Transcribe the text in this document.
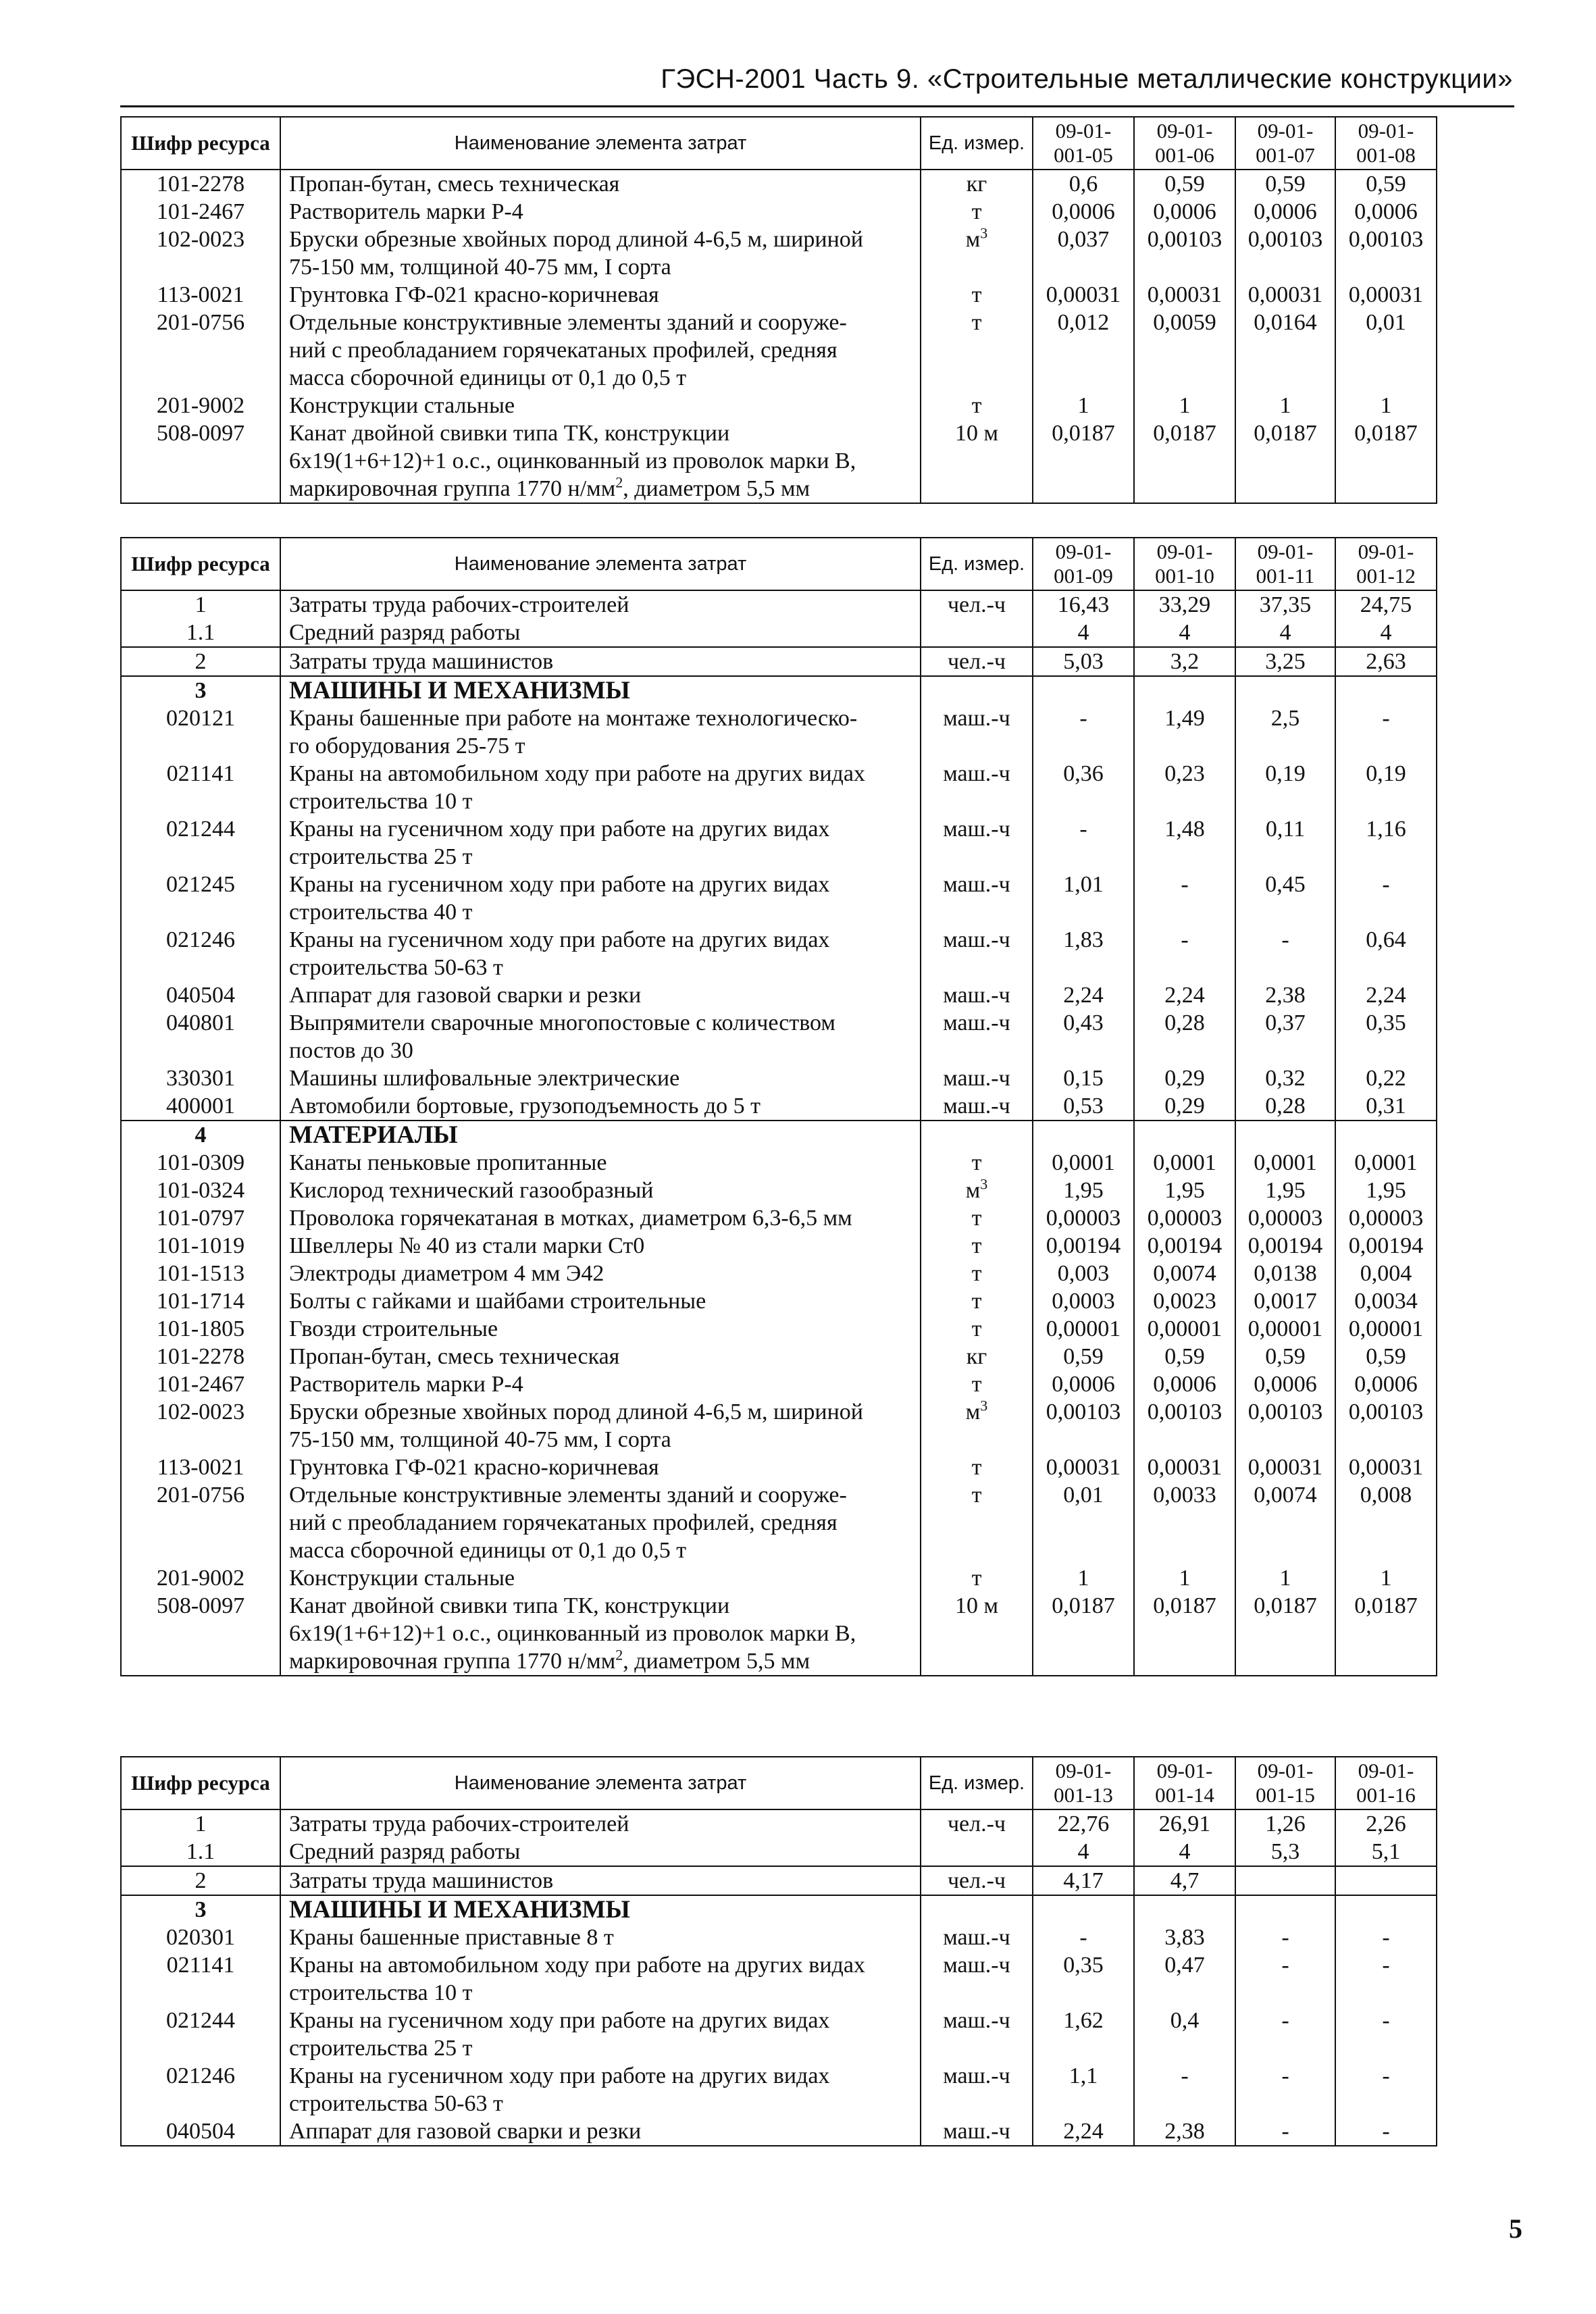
ГЭСН-2001 Часть 9. «Строительные металлические конструкции»
Шифр ресурса	Наименование элемента затрат	Ед. измер.	09-01-
001-05	09-01-
001-06	09-01-
001-07	09-01-
001-08

101-2278	Пропан-бутан, смесь техническая	кг	0,6	0,59	0,59	0,59
101-2467	Растворитель марки Р-4	т	0,0006	0,0006	0,0006	0,0006
102-0023	Бруски обрезные хвойных пород длиной 4-6,5 м, шириной
75-150 мм, толщиной 40-75 мм, I сорта	$м^3$	0,037	0,00103	0,00103	0,00103
113-0021	Грунтовка ГФ-021 красно-коричневая	т	0,00031	0,00031	0,00031	0,00031
201-0756	Отдельные конструктивные элементы зданий и сооруже-
ний с преобладанием горячекатаных профилей, средняя
масса сборочной единицы от 0,1 до 0,5 т	т	0,012	0,0059	0,0164	0,01
201-9002	Конструкции стальные	т	1	1	1	1
508-0097	Канат двойной свивки типа ТК, конструкции
6х19(1+6+12)+1 о.с., оцинкованный из проволок марки В,
маркировочная группа 1770 $н/мм^2$, диаметром 5,5 мм	10 м	0,0187	0,0187	0,0187	0,0187
Шифр ресурса	Наименование элемента затрат	Ед. измер.	09-01-
001-09	09-01-
001-10	09-01-
001-11	09-01-
001-12

1	Затраты труда рабочих-строителей	чел.-ч	16,43	33,29	37,35	24,75
1.1	Средний разряд работы		4	4	4	4
2	Затраты труда машинистов	чел.-ч	5,03	3,2	3,25	2,63
3	МАШИНЫ И МЕХАНИЗМЫ					
020121	Краны башенные при работе на монтаже технологическо-
го оборудования 25-75 т	маш.-ч	-	1,49	2,5	-
021141	Краны на автомобильном ходу при работе на других видах
строительства 10 т	маш.-ч	0,36	0,23	0,19	0,19
021244	Краны на гусеничном ходу при работе на других видах
строительства 25 т	маш.-ч	-	1,48	0,11	1,16
021245	Краны на гусеничном ходу при работе на других видах
строительства 40 т	маш.-ч	1,01	-	0,45	-
021246	Краны на гусеничном ходу при работе на других видах
строительства 50-63 т	маш.-ч	1,83	-	-	0,64
040504	Аппарат для газовой сварки и резки	маш.-ч	2,24	2,24	2,38	2,24
040801	Выпрямители сварочные многопостовые с количеством
постов до 30	маш.-ч	0,43	0,28	0,37	0,35
330301	Машины шлифовальные электрические	маш.-ч	0,15	0,29	0,32	0,22
400001	Автомобили бортовые, грузоподъемность до 5 т	маш.-ч	0,53	0,29	0,28	0,31
4	МАТЕРИАЛЫ					
101-0309	Канаты пеньковые пропитанные	т	0,0001	0,0001	0,0001	0,0001
101-0324	Кислород технический газообразный	$м^3$	1,95	1,95	1,95	1,95
101-0797	Проволока горячекатаная в мотках, диаметром 6,3-6,5 мм	т	0,00003	0,00003	0,00003	0,00003
101-1019	Швеллеры № 40 из стали марки Ст0	т	0,00194	0,00194	0,00194	0,00194
101-1513	Электроды диаметром 4 мм Э42	т	0,003	0,0074	0,0138	0,004
101-1714	Болты с гайками и шайбами строительные	т	0,0003	0,0023	0,0017	0,0034
101-1805	Гвозди строительные	т	0,00001	0,00001	0,00001	0,00001
101-2278	Пропан-бутан, смесь техническая	кг	0,59	0,59	0,59	0,59
101-2467	Растворитель марки Р-4	т	0,0006	0,0006	0,0006	0,0006
102-0023	Бруски обрезные хвойных пород длиной 4-6,5 м, шириной
75-150 мм, толщиной 40-75 мм, I сорта	$м^3$	0,00103	0,00103	0,00103	0,00103
113-0021	Грунтовка ГФ-021 красно-коричневая	т	0,00031	0,00031	0,00031	0,00031
201-0756	Отдельные конструктивные элементы зданий и сооруже-
ний с преобладанием горячекатаных профилей, средняя
масса сборочной единицы от 0,1 до 0,5 т	т	0,01	0,0033	0,0074	0,008
201-9002	Конструкции стальные	т	1	1	1	1
508-0097	Канат двойной свивки типа ТК, конструкции
6х19(1+6+12)+1 о.с., оцинкованный из проволок марки В,
маркировочная группа 1770 $н/мм^2$, диаметром 5,5 мм	10 м	0,0187	0,0187	0,0187	0,0187
Шифр ресурса	Наименование элемента затрат	Ед. измер.	09-01-
001-13	09-01-
001-14	09-01-
001-15	09-01-
001-16

1	Затраты труда рабочих-строителей	чел.-ч	22,76	26,91	1,26	2,26
1.1	Средний разряд работы		4	4	5,3	5,1
2	Затраты труда машинистов	чел.-ч	4,17	4,7		
3	МАШИНЫ И МЕХАНИЗМЫ					
020301	Краны башенные приставные 8 т	маш.-ч	-	3,83	-	-
021141	Краны на автомобильном ходу при работе на других видах
строительства 10 т	маш.-ч	0,35	0,47	-	-
021244	Краны на гусеничном ходу при работе на других видах
строительства 25 т	маш.-ч	1,62	0,4	-	-
021246	Краны на гусеничном ходу при работе на других видах
строительства 50-63 т	маш.-ч	1,1	-	-	-
040504	Аппарат для газовой сварки и резки	маш.-ч	2,24	2,38	-	-
5
